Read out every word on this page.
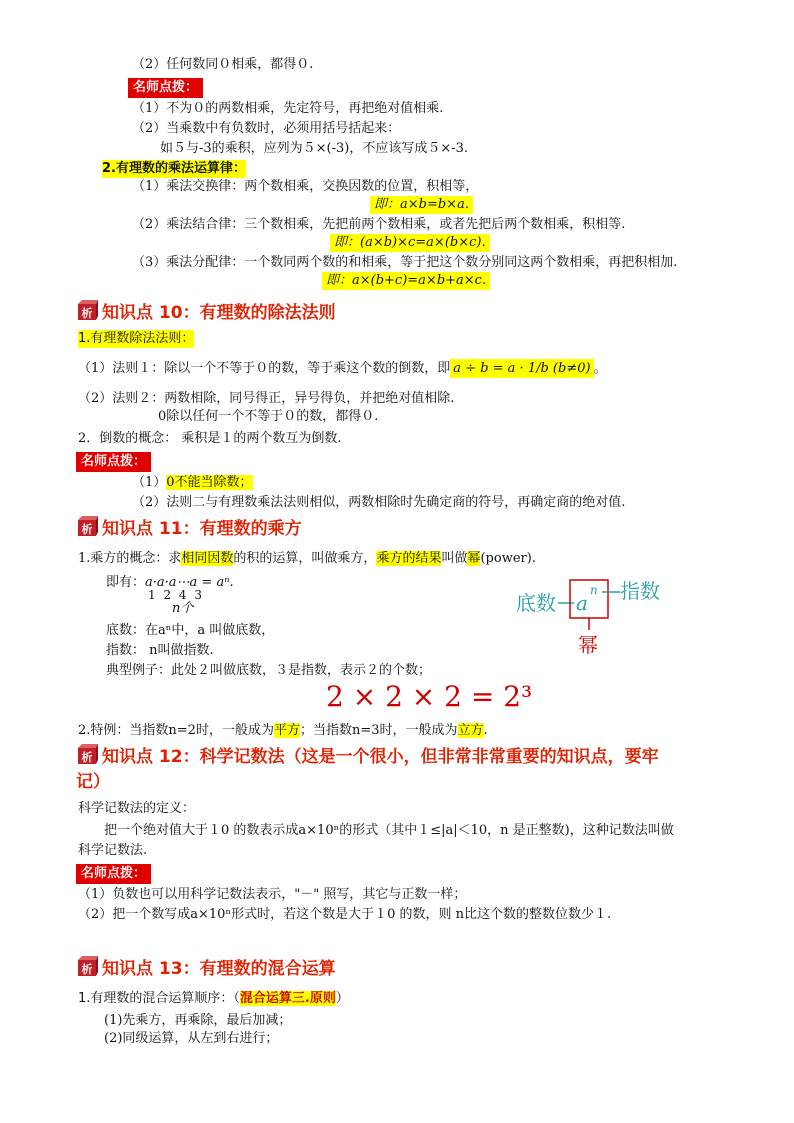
（2）任何数同０相乘，都得０.
名师点拨：
（1）不为０的两数相乘，先定符号，再把绝对值相乘.
（2）当乘数中有负数时，必须用括号括起来：
如５与-3的乘积，应列为５×(-3)，不应该写成５×-3.
2.有理数的乘法运算律：
（1）乘法交换律：两个数相乘，交换因数的位置，积相等，
即：a×b=b×a.
（2）乘法结合律：三个数相乘，先把前两个数相乘，或者先把后两个数相乘，积相等.
即：(a×b)×c=a×(b×c).
（3）乘法分配律：一个数同两个数的和相乘，等于把这个数分别同这两个数相乘，再把积相加.
即：a×(b+c)=a×b+a×c.
析 知识点 10：有理数的除法法则
1.有理数除法法则：
（1）法则１：除以一个不等于０的数，等于乘这个数的倒数，即 a ÷ b = a · 1/b (b≠0) 。
（2）法则２：两数相除，同号得正，异号得负，并把绝对值相除.
0除以任何一个不等于０的数，都得０.
2．倒数的概念： 乘积是１的两个数互为倒数.
名师点拨：
（1）0不能当除数；
（2）法则二与有理数乘法法则相似，两数相除时先确定商的符号，再确定商的绝对值.
析 知识点 11：有理数的乘方
1.乘方的概念：求相同因数的积的运算，叫做乘方，乘方的结果叫做幂(power).
即有：a·a·a⋯a = aⁿ.
1 2 4 3
n个
底数：在aⁿ中，a 叫做底数，
指数： n叫做指数.
典型例子：此处２叫做底数，３是指数，表示２的个数；
2 × 2 × 2 = 2³
2.特例：当指数n=2时，一般成为平方；当指数n=3时，一般成为立方.
底数 a
n 指数
幂
析 知识点 12：科学记数法（这是一个很小，但非常非常重要的知识点，要牢
记）
科学记数法的定义：
把一个绝对值大于１0 的数表示成a×10ⁿ的形式（其中１≤|a|＜10，n 是正整数)，这种记数法叫做
科学记数法.
名师点拨：
（1）负数也可以用科学记数法表示，"－" 照写，其它与正数一样；
（2）把一个数写成a×10ⁿ形式时，若这个数是大于１0 的数，则 n比这个数的整数位数少１.
析 知识点 13：有理数的混合运算
1.有理数的混合运算顺序：（混合运算三.原则）
(1)先乘方，再乘除，最后加减；
(2)同级运算，从左到右进行；
